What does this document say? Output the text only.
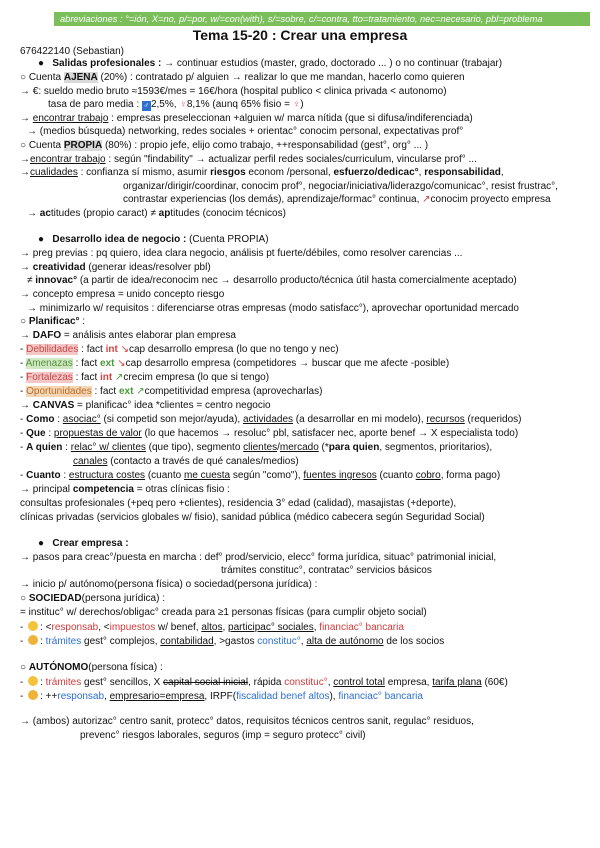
abreviaciones : °=ión, X=no, p/=por, w/=con(with), s/=sobre, c/=contra, tto=tratamiento, nec=necesario, pbl=problema
Tema 15-20 : Crear una empresa
676422140 (Sebastian)
●   Salidas profesionales : → continuar estudios (master, grado, doctorado ... ) o no continuar (trabajar)
○ Cuenta AJENA (20%) : contratado p/ alguien → realizar lo que me mandan, hacerlo como quieren
→ €: sueldo medio bruto ≈1593€/mes = 16€/hora (hospital publico < clinica privada < autonomo)
tasa de paro media : ♂ 2,5%, ♀8,1% (aunq 65% fisio = ♀)
→ encontrar trabajo : empresas preseleccionan +alguien w/ marca nítida (que si difusa/indiferenciada)
→ (medios búsqueda) networking, redes sociales + orientac° conocim personal, expectativas prof°
○ Cuenta PROPIA (80%) : propio jefe, elijo como trabajo, ++responsabilidad (gest°, org° ... )
→encontrar trabajo : según "findability" → actualizar perfil redes sociales/curriculum, vincularse prof° ...
→cualidades : confianza sí mismo, asumir riesgos econom /personal, esfuerzo/dedicac°, responsabilidad,
organizar/dirigir/coordinar, conocim prof°, negociar/iniciativa/liderazgo/comunicac°, resist frustrac°,
contrastar experiencias (los demás), aprendizaje/formac° continua, ↗conocim proyecto empresa
→ actitudes (propio caract) ≠ aptitudes (conocim técnicos)
●   Desarrollo idea de negocio : (Cuenta PROPIA)
→ preg previas : pq quiero, idea clara negocio, análisis pt fuerte/débiles, como resolver carencias ...
→ creatividad (generar ideas/resolver pbl)
≠ innovac° (a partir de idea/reconocim nec → desarrollo producto/técnica útil hasta comercialmente aceptado)
→ concepto empresa = unido concepto riesgo
→ minimizarlo w/ requisitos : diferenciarse otras empresas (modo satisfacc°), aprovechar oportunidad mercado
○ Planificac° :
→ DAFO = análisis antes elaborar plan empresa
- Debilidades : fact int ↘cap desarrollo empresa (lo que no tengo y nec)
- Amenazas : fact ext ↘cap desarrollo empresa (competidores → buscar que me afecte -posible)
- Fortalezas : fact int ↗crecim empresa (lo que si tengo)
- Oportunidades : fact ext ↗competitividad empresa (aprovecharlas)
→ CANVAS = planificac° idea *clientes = centro negocio
- Como : asociac° (si competid son mejor/ayuda), actividades (a desarrollar en mi modelo), recursos (requeridos)
- Que : propuestas de valor (lo que hacemos → resoluc° pbl, satisfacer nec, aporte benef → X especialista todo)
- A quien : relac° w/ clientes (que tipo), segmento clientes/mercado (*para quien, segmentos, prioritarios),
canales (contacto a través de qué canales/medios)
- Cuanto : estructura costes (cuanto me cuesta según "como"), fuentes ingresos (cuanto cobro, forma pago)
→ principal competencia = otras clínicas fisio :
consultas profesionales (+peq pero +clientes), residencia 3° edad (calidad), masajistas (+deporte),
clínicas privadas (servicios globales w/ fisio), sanidad pública (médico cabecera según Seguridad Social)
●   Crear empresa :
→ pasos para creac°/puesta en marcha : def° prod/servicio, elecc° forma jurídica, situac° patrimonial inicial,
trámites constituc°, contratac° servicios básicos
→ inicio p/ autónomo(persona física) o sociedad(persona jurídica) :
○ SOCIEDAD(persona jurídica) :
= instituc° w/ derechos/obligac° creada para ≥1 personas físicas (para cumplir objeto social)
- : <responsab, <impuestos w/ benef, altos, participac° sociales, financiac° bancaria
- : trámites gest° complejos, contabilidad, >gastos constituc°, alta de autónomo de los socios
○ AUTÓNOMO(persona física) :
- : trámites gest° sencillos, X capital social inicial, rápida constituc°, control total empresa, tarifa plana (60€)
- : ++responsab, empresario=empresa, IRPF(fiscalidad benef altos), financiac° bancaria
→ (ambos) autorizac° centro sanit, protecc° datos, requisitos técnicos centros sanit, regulac° residuos,
prevenc° riesgos laborales, seguros (imp = seguro protecc° civil)
